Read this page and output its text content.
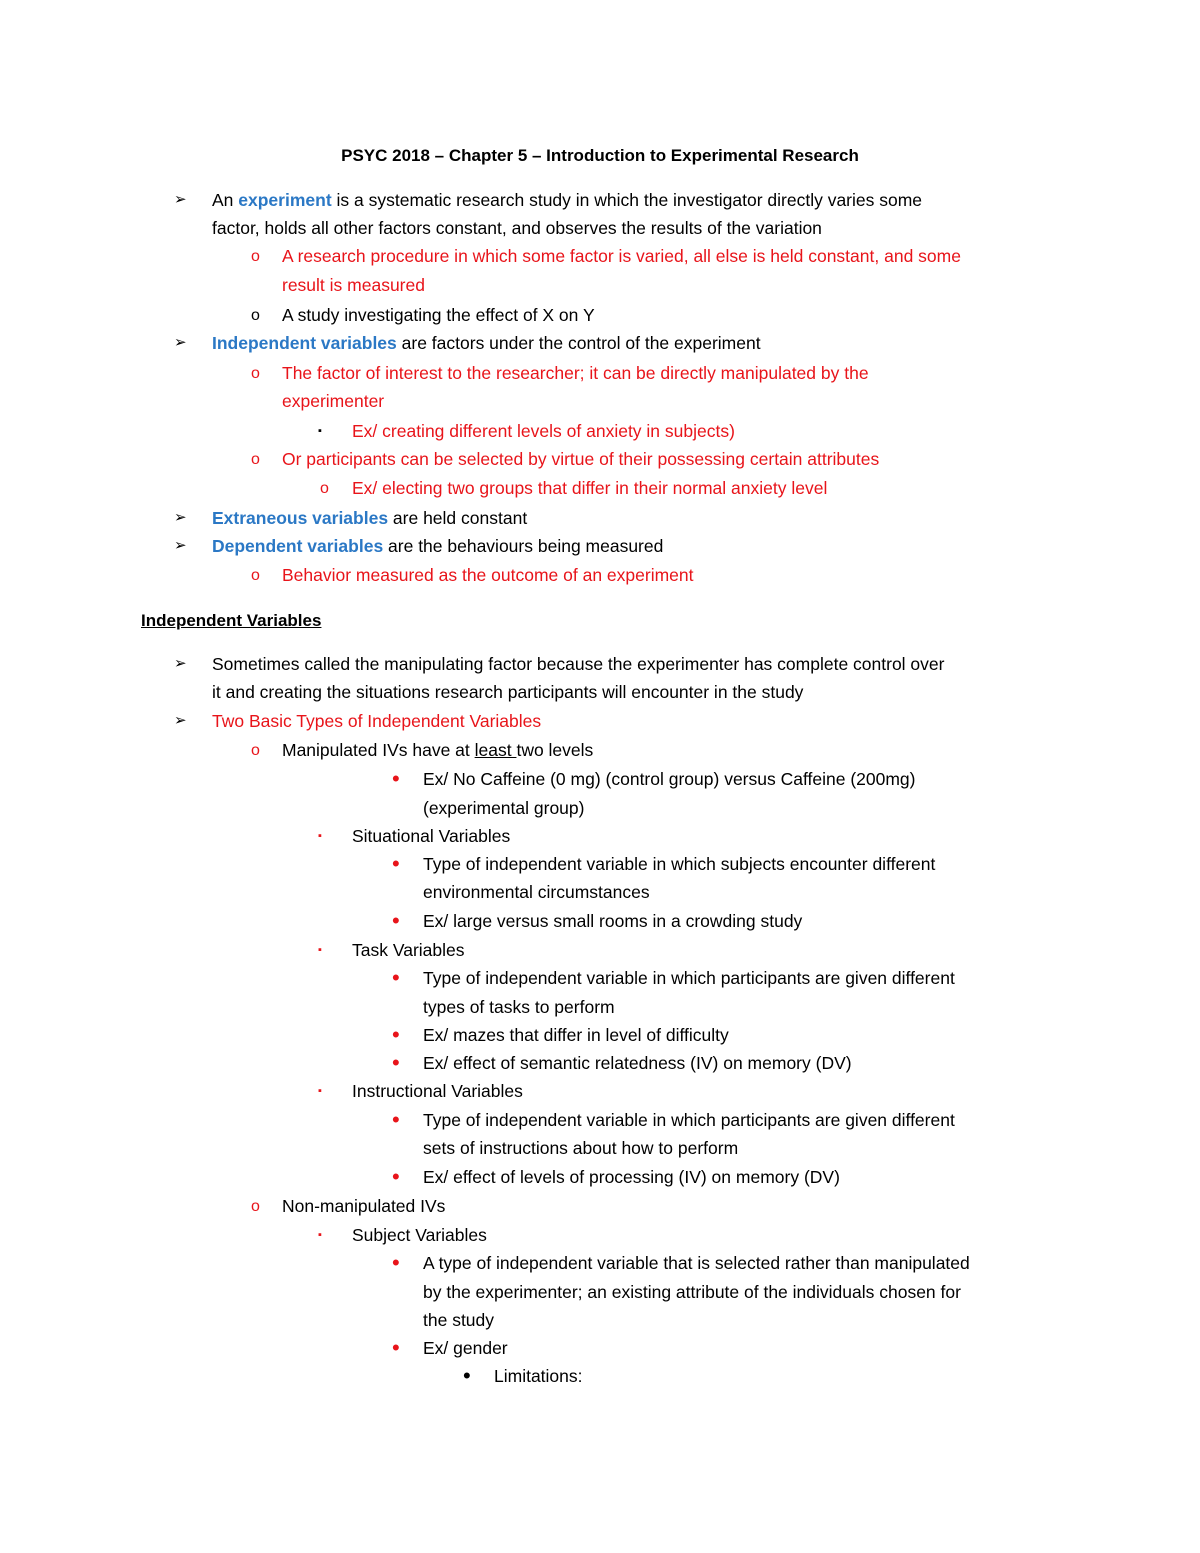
PSYC 2018 – Chapter 5 – Introduction to Experimental Research
➢ An experiment is a systematic research study in which the investigator directly varies some
factor, holds all other factors constant, and observes the results of the variation
o A research procedure in which some factor is varied, all else is held constant, and some
result is measured
o A study investigating the effect of X on Y
➢ Independent variables are factors under the control of the experiment
o The factor of interest to the researcher; it can be directly manipulated by the
experimenter
▪ Ex/ creating different levels of anxiety in subjects)
o Or participants can be selected by virtue of their possessing certain attributes
o Ex/ electing two groups that differ in their normal anxiety level
➢ Extraneous variables are held constant
➢ Dependent variables are the behaviours being measured
o Behavior measured as the outcome of an experiment
Independent Variables
➢ Sometimes called the manipulating factor because the experimenter has complete control over
it and creating the situations research participants will encounter in the study
➢ Two Basic Types of Independent Variables
o Manipulated IVs have at least two levels
• Ex/ No Caffeine (0 mg) (control group) versus Caffeine (200mg)
(experimental group)
▪ Situational Variables
• Type of independent variable in which subjects encounter different
environmental circumstances
• Ex/ large versus small rooms in a crowding study
▪ Task Variables
• Type of independent variable in which participants are given different
types of tasks to perform
• Ex/ mazes that differ in level of difficulty
• Ex/ effect of semantic relatedness (IV) on memory (DV)
▪ Instructional Variables
• Type of independent variable in which participants are given different
sets of instructions about how to perform
• Ex/ effect of levels of processing (IV) on memory (DV)
o Non-manipulated IVs
▪ Subject Variables
• A type of independent variable that is selected rather than manipulated
by the experimenter; an existing attribute of the individuals chosen for
the study
• Ex/ gender
• Limitations:
